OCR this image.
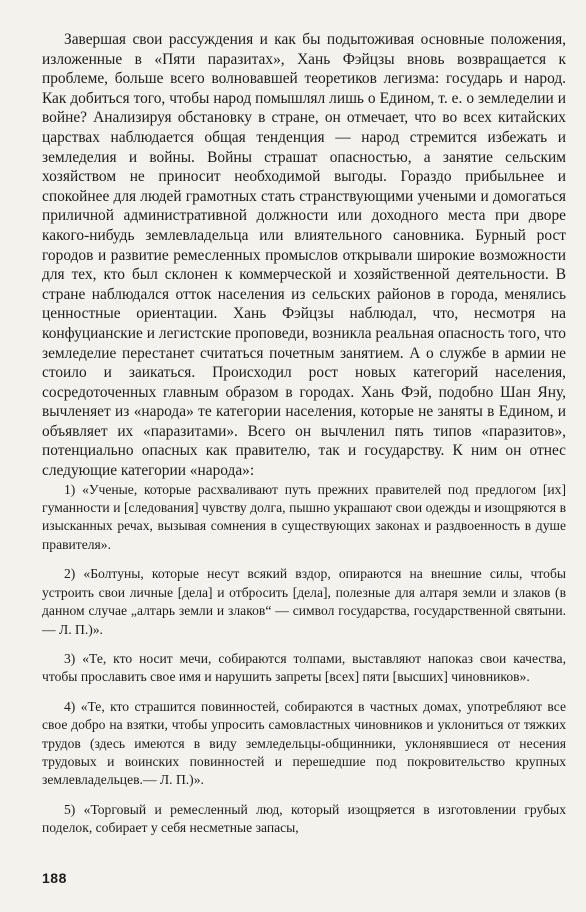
Завершая свои рассуждения и как бы подытоживая основные положения, изложенные в «Пяти паразитах», Хань Фэйцзы вновь возвращается к проблеме, больше всего волновавшей теоретиков легизма: государь и народ. Как добиться того, чтобы народ помышлял лишь о Едином, т. е. о земледелии и войне? Анализируя обстановку в стране, он отмечает, что во всех китайских царствах наблюдается общая тенденция — народ стремится избежать и земледелия и войны. Войны страшат опасностью, а занятие сельским хозяйством не приносит необходимой выгоды. Гораздо прибыльнее и спокойнее для людей грамотных стать странствующими учеными и домогаться приличной административной должности или доходного места при дворе какого-нибудь землевладельца или влиятельного сановника. Бурный рост городов и развитие ремесленных промыслов открывали широкие возможности для тех, кто был склонен к коммерческой и хозяйственной деятельности. В стране наблюдался отток населения из сельских районов в города, менялись ценностные ориентации. Хань Фэйцзы наблюдал, что, несмотря на конфуцианские и легистские проповеди, возникла реальная опасность того, что земледелие перестанет считаться почетным занятием. А о службе в армии не стоило и заикаться. Происходил рост новых категорий населения, сосредоточенных главным образом в городах. Хань Фэй, подобно Шан Яну, вычленяет из «народа» те категории населения, которые не заняты в Едином, и объявляет их «паразитами». Всего он вычленил пять типов «паразитов», потенциально опасных как правителю, так и государству. К ним он отнес следующие категории «народа»:

1) «Ученые, которые расхваливают путь прежних правителей под предлогом [их] гуманности и [следования] чувству долга, пышно украшают свои одежды и изощряются в изысканных речах, вызывая сомнения в существующих законах и раздвоенность в душе правителя».

2) «Болтуны, которые несут всякий вздор, опираются на внешние силы, чтобы устроить свои личные [дела] и отбросить [дела], полезные для алтаря земли и злаков (в данном случае „алтарь земли и злаков“ — символ государства, государственной святыни.— Л. П.)».

3) «Те, кто носит мечи, собираются толпами, выставляют напоказ свои качества, чтобы прославить свое имя и нарушить запреты [всех] пяти [высших] чиновников».

4) «Те, кто страшится повинностей, собираются в частных домах, употребляют все свое добро на взятки, чтобы упросить самовластных чиновников и уклониться от тяжких трудов (здесь имеются в виду земледельцы-общинники, уклонявшиеся от несения трудовых и воинских повинностей и перешедшие под покровительство крупных землевладельцев.— Л. П.)».

5) «Торговый и ремесленный люд, который изощряется в изготовлении грубых поделок, собирает у себя несметные запасы,

188
